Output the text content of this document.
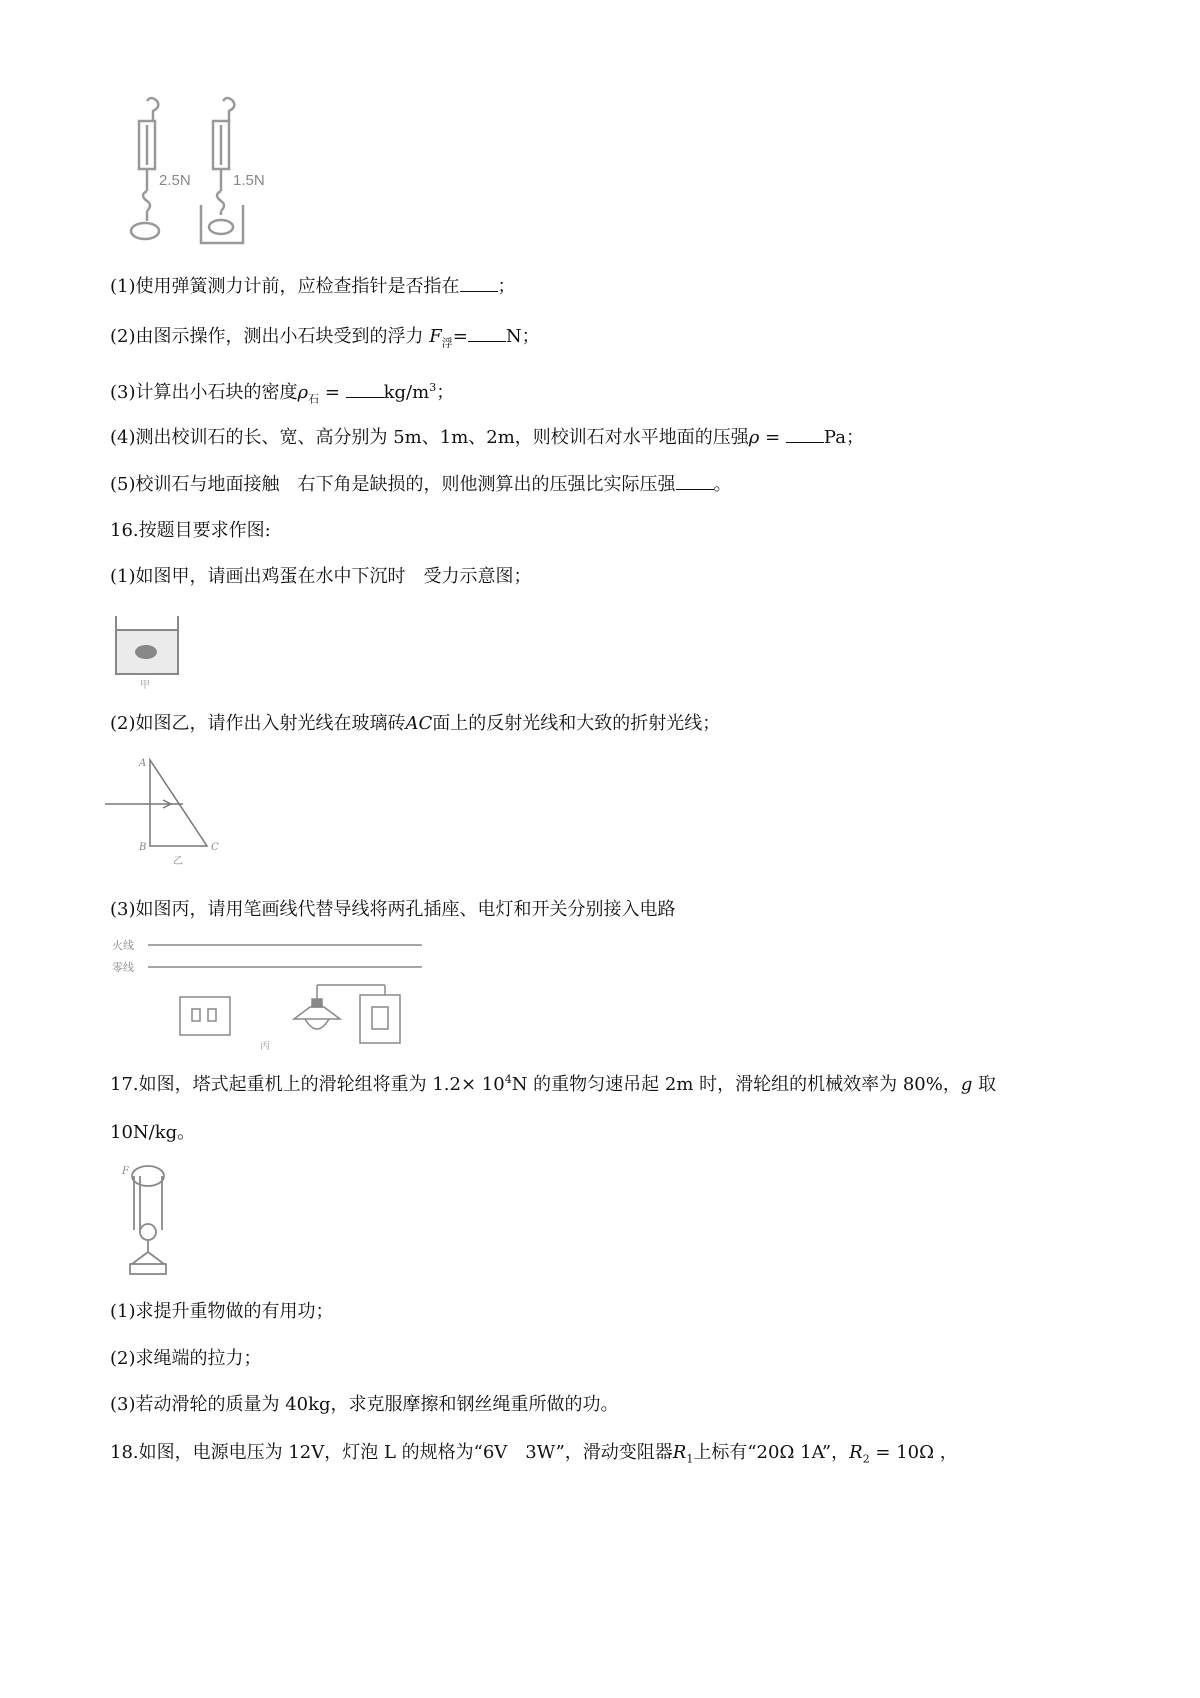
2.5N	1.5N
(1)使用弹簧测力计前，应检查指针是否指在 ；
(2)由图示操作，测出小石块受到的浮力 $F_浮= N$；
(3)计算出小石块的密度$\rho_石 = kg/m^3$；
(4)测出校训石的长、宽、高分别为 5m、1m、2m，则校训石对水平地面的压强ρ = Pa；
(5)校训石与地面接触　右下角是缺损的，则他测算出的压强比实际压强 。
16.按题目要求作图:
(1)如图甲，请画出鸡蛋在水中下沉时　受力示意图；
甲
(2)如图乙，请作出入射光线在玻璃砖AC面上的反射光线和大致的折射光线；
A
B	C
乙
(3)如图丙，请用笔画线代替导线将两孔插座、电灯和开关分别接入电路
火线
零线
丙
17.如图，塔式起重机上的滑轮组将重为 $1.2\times 10^4N$ 的重物匀速吊起 2m 时，滑轮组的机械效率为 80%，g 取
10N/kg。
F
(1)求提升重物做的有用功；
(2)求绳端的拉力；
(3)若动滑轮的质量为 40kg，求克服摩擦和钢丝绳重所做的功。
18.如图，电源电压为 12V，灯泡 L 的规格为“6V　3W”，滑动变阻器$R_1$上标有“20Ω 1A”，$R_2 = 10\Omega$ ，
